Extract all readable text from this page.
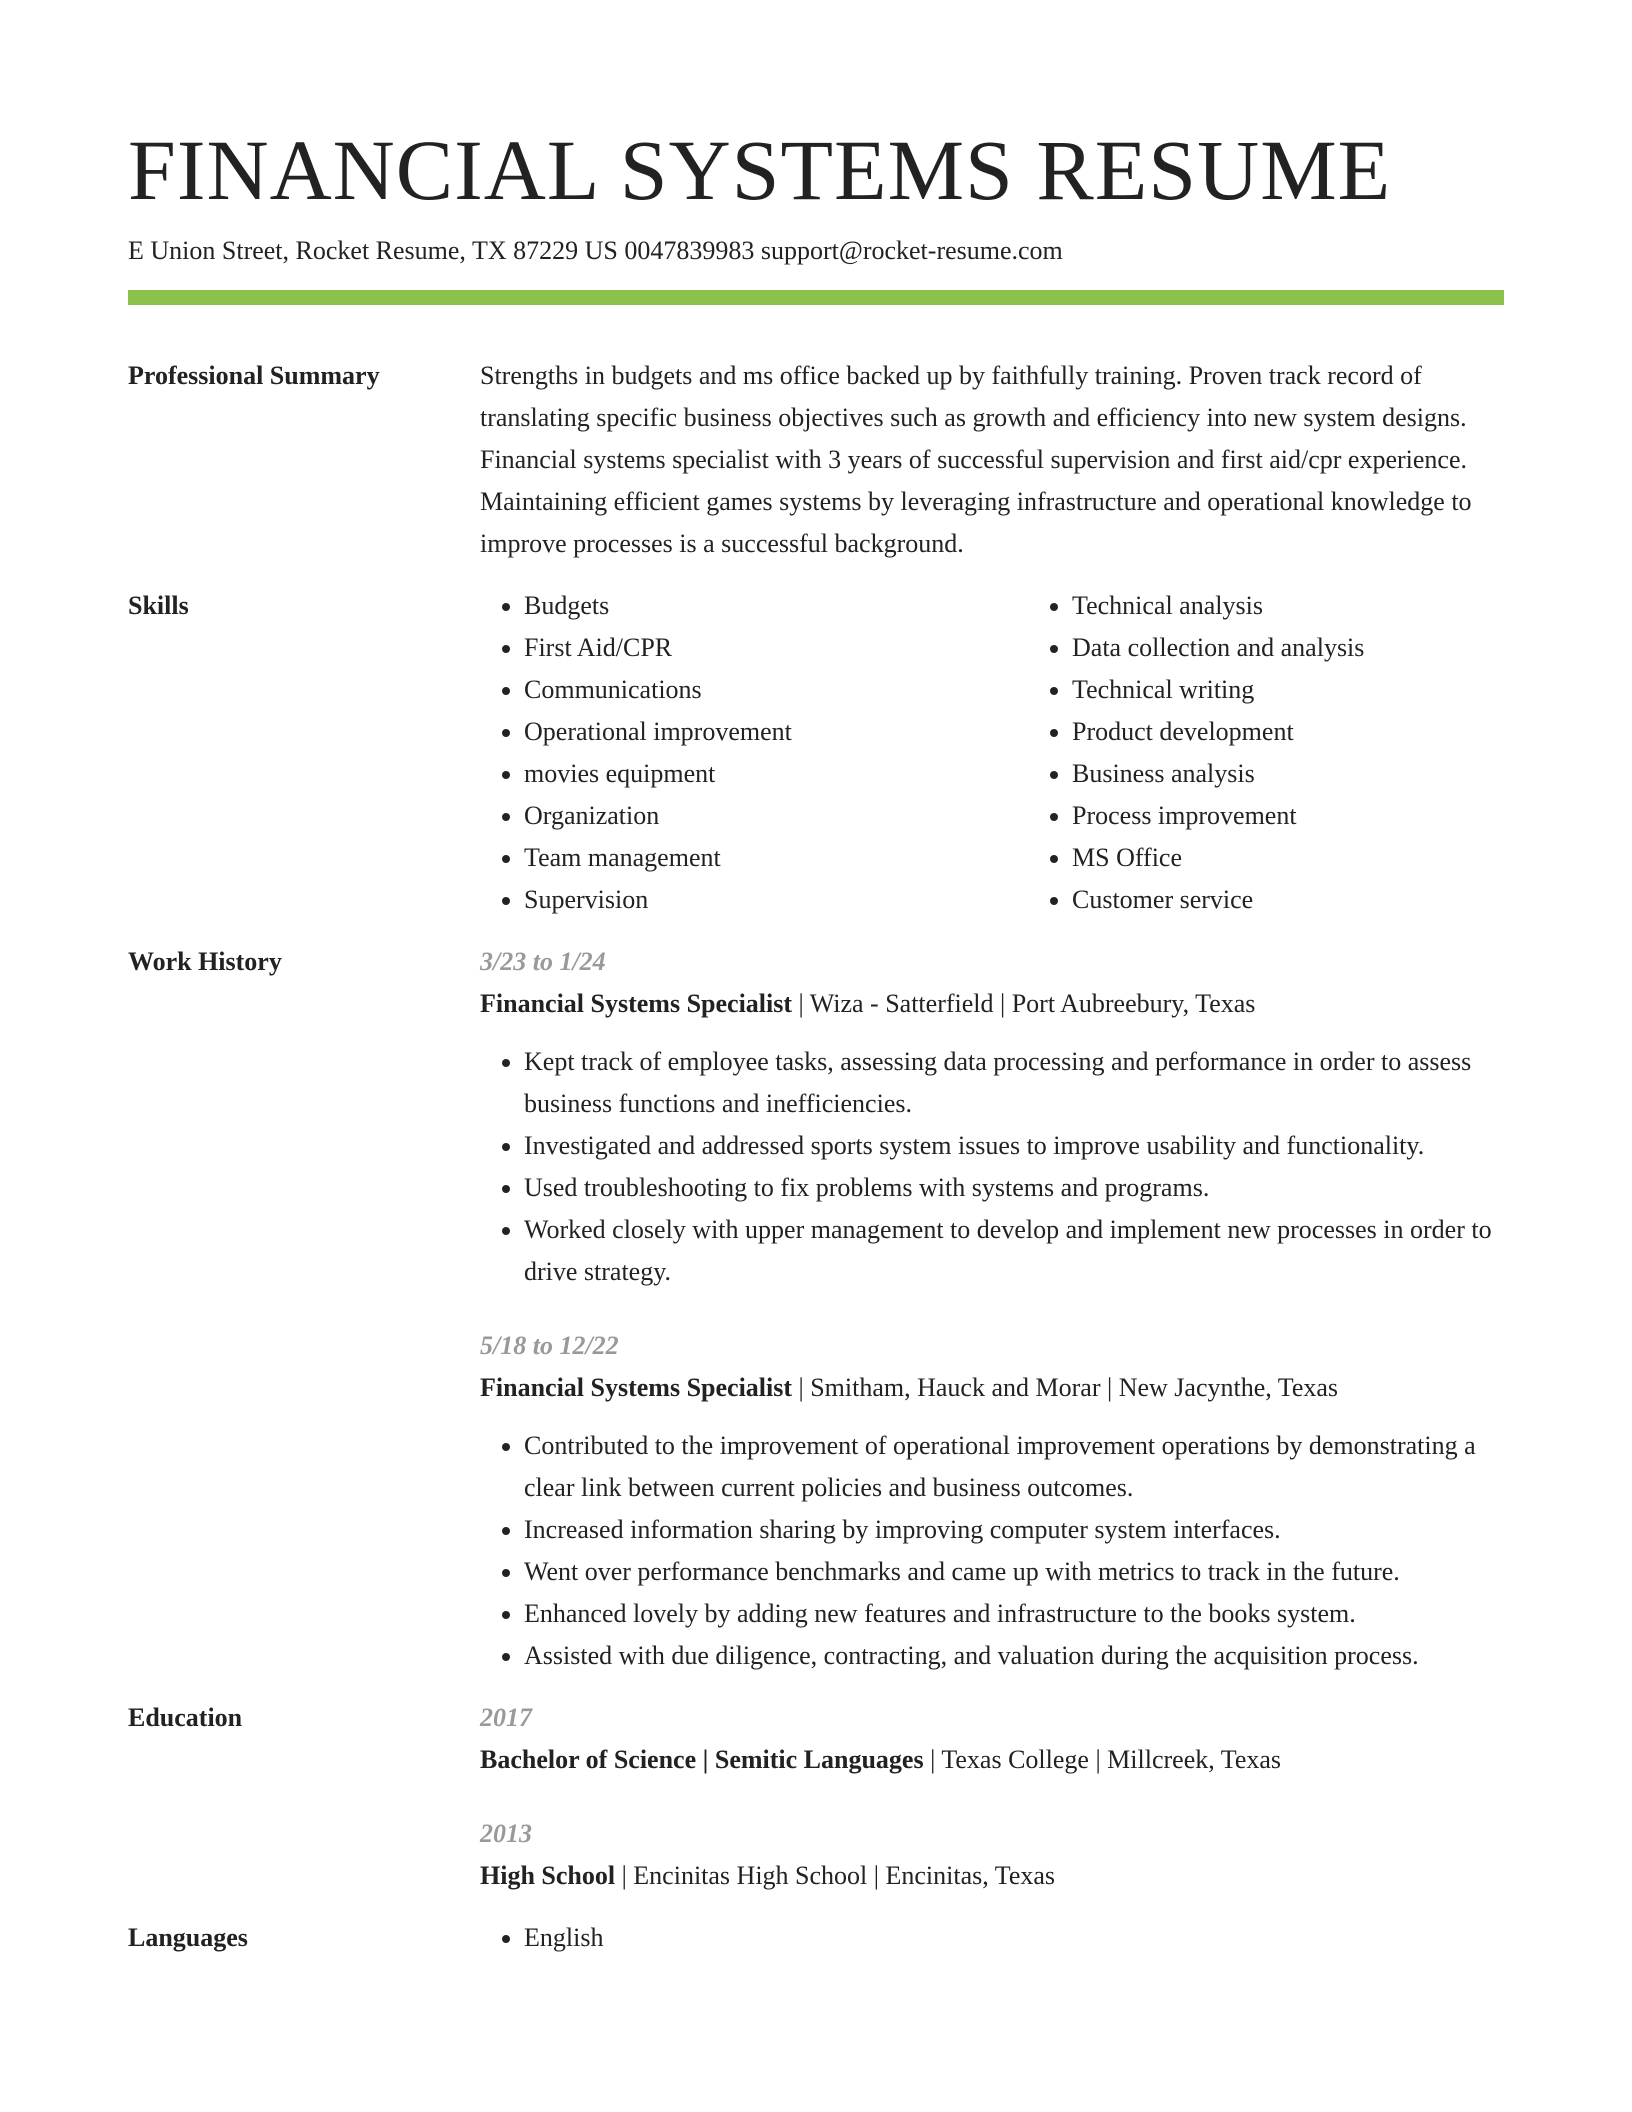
FINANCIAL SYSTEMS RESUME
E Union Street, Rocket Resume, TX 87229 US 0047839983 support@rocket-resume.com
Professional Summary	Strengths in budgets and ms office backed up by faithfully training. Proven track record of translating specific business objectives such as growth and efficiency into new system designs. Financial systems specialist with 3 years of successful supervision and first aid/cpr experience. Maintaining efficient games systems by leveraging infrastructure and operational knowledge to improve processes is a successful background.

Skills	• Budgets
• First Aid/CPR
• Communications
• Operational improvement
• movies equipment
• Organization
• Team management
• Supervision
• Technical analysis
• Data collection and analysis
• Technical writing
• Product development
• Business analysis
• Process improvement
• MS Office
• Customer service
Work History	3/23 to 1/24
Financial Systems Specialist | Wiza - Satterfield | Port Aubreebury, Texas
• Kept track of employee tasks, assessing data processing and performance in order to assess business functions and inefficiencies.
• Investigated and addressed sports system issues to improve usability and functionality.
• Used troubleshooting to fix problems with systems and programs.
• Worked closely with upper management to develop and implement new processes in order to drive strategy.
5/18 to 12/22
Financial Systems Specialist | Smitham, Hauck and Morar | New Jacynthe, Texas
• Contributed to the improvement of operational improvement operations by demonstrating a clear link between current policies and business outcomes.
• Increased information sharing by improving computer system interfaces.
• Went over performance benchmarks and came up with metrics to track in the future.
• Enhanced lovely by adding new features and infrastructure to the books system.
• Assisted with due diligence, contracting, and valuation during the acquisition process.
Education	2017
Bachelor of Science | Semitic Languages | Texas College | Millcreek, Texas
2013
High School | Encinitas High School | Encinitas, Texas
Languages	• English
